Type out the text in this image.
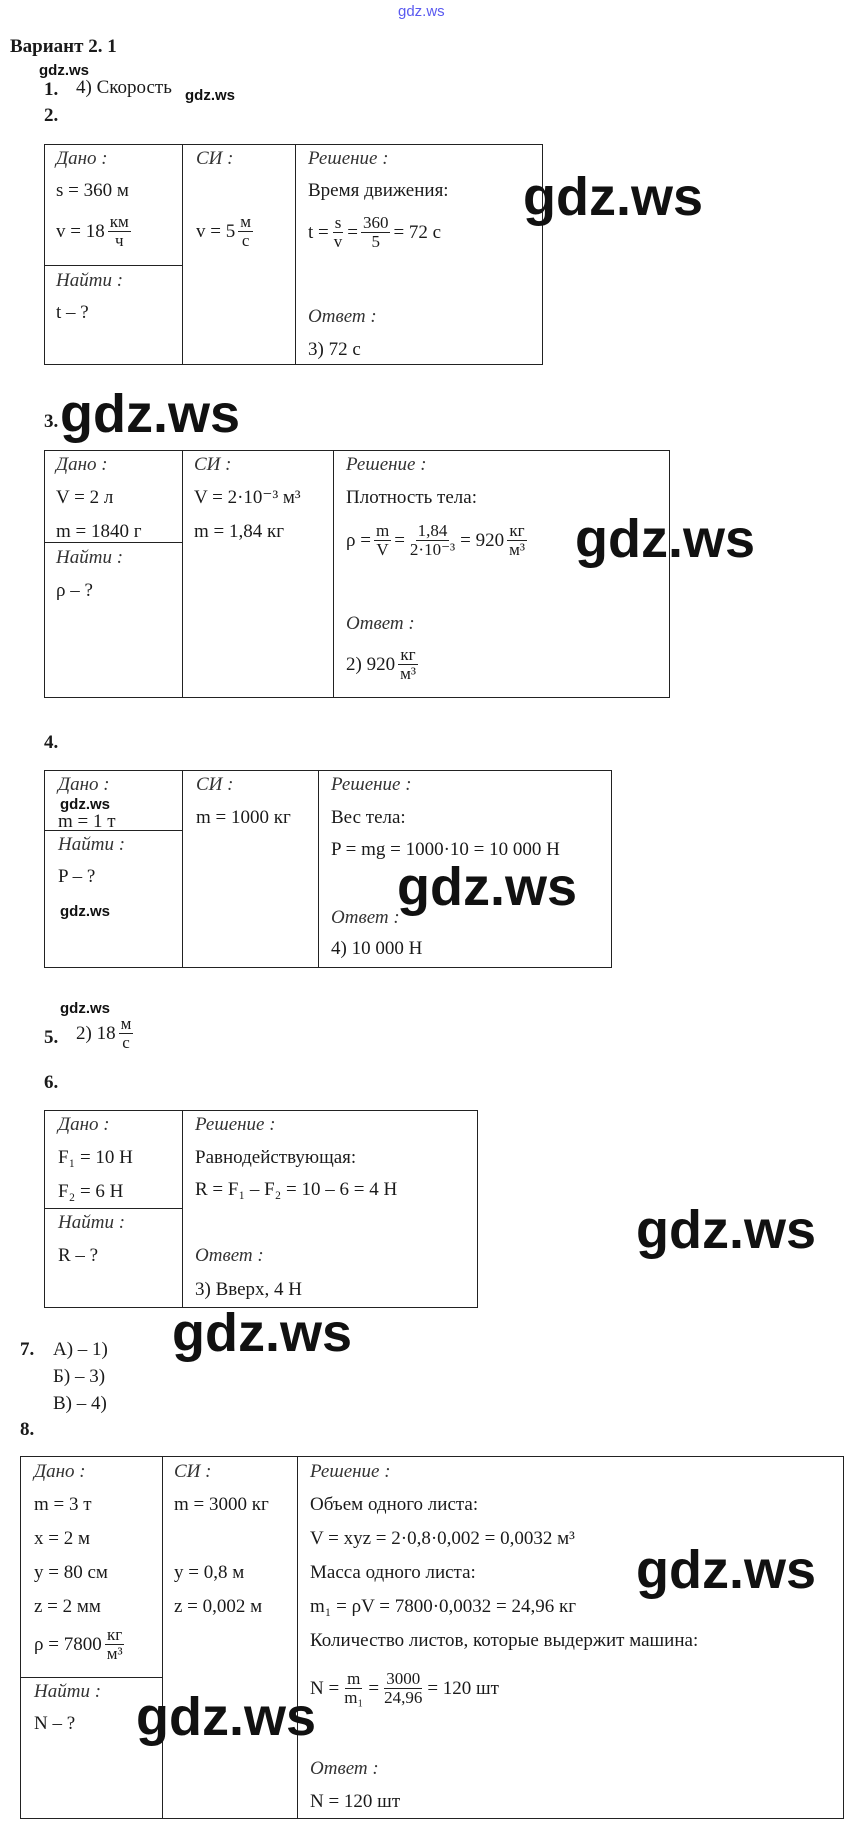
gdz.ws
Вариант 2. 1
gdz.ws
1. 4) Скорость gdz.ws
2.
Дано :
s = 360 м
$v = 18 \frac{км}{ч}$
Найти :
t – ?
СИ :
$v = 5 \frac{м}{с}$
Решение :
Время движения:
$t = \frac{s}{v} = \frac{360}{5} = 72$ с
Ответ :
3) 72 с
gdz.ws
3. gdz.ws
Дано :
V = 2 л
m = 1840 г
Найти :
ρ – ?
СИ :
V = 2·10⁻³ м³
m = 1,84 кг
Решение :
Плотность тела:
$\rho = \frac{m}{V} = \frac{1,84}{\text{2·10⁻³}} = 920 \frac{кг}{\text{м³}}$
Ответ :
2) $920 \frac{кг}{\text{м³}}$
gdz.ws
4.
Дано :
gdz.ws
m = 1 т
Найти :
P – ?
gdz.ws
СИ :
m = 1000 кг
Решение :
Вес тела:
P = mg = 1000·10 = 10 000 Н
Ответ :
4) 10 000 Н
gdz.ws
gdz.ws
5. 2) $18 \frac{м}{с}$
6.
Дано :
F₁ = 10 Н
F₂ = 6 Н
Найти :
R – ?
Решение :
Равнодействующая:
R = F₁ – F₂ = 10 – 6 = 4 Н
Ответ :
3) Вверх, 4 Н
gdz.ws
gdz.ws
7. А) – 1)
Б) – 3)
В) – 4)
8.
Дано :
m = 3 т
x = 2 м
y = 80 см
z = 2 мм
$\rho = 7800 \frac{кг}{\text{м³}}$
Найти :
N – ?
СИ :
m = 3000 кг
y = 0,8 м
z = 0,002 м
Решение :
Объем одного листа:
V = xyz = 2·0,8·0,002 = 0,0032 м³
Масса одного листа:
m₁ = ρV = 7800·0,0032 = 24,96 кг
Количество листов, которые выдержит машина:
$N = \frac{m}{\text{m₁}} = \frac{3000}{24,96} = 120$ шт
Ответ :
N = 120 шт
gdz.ws
gdz.ws
